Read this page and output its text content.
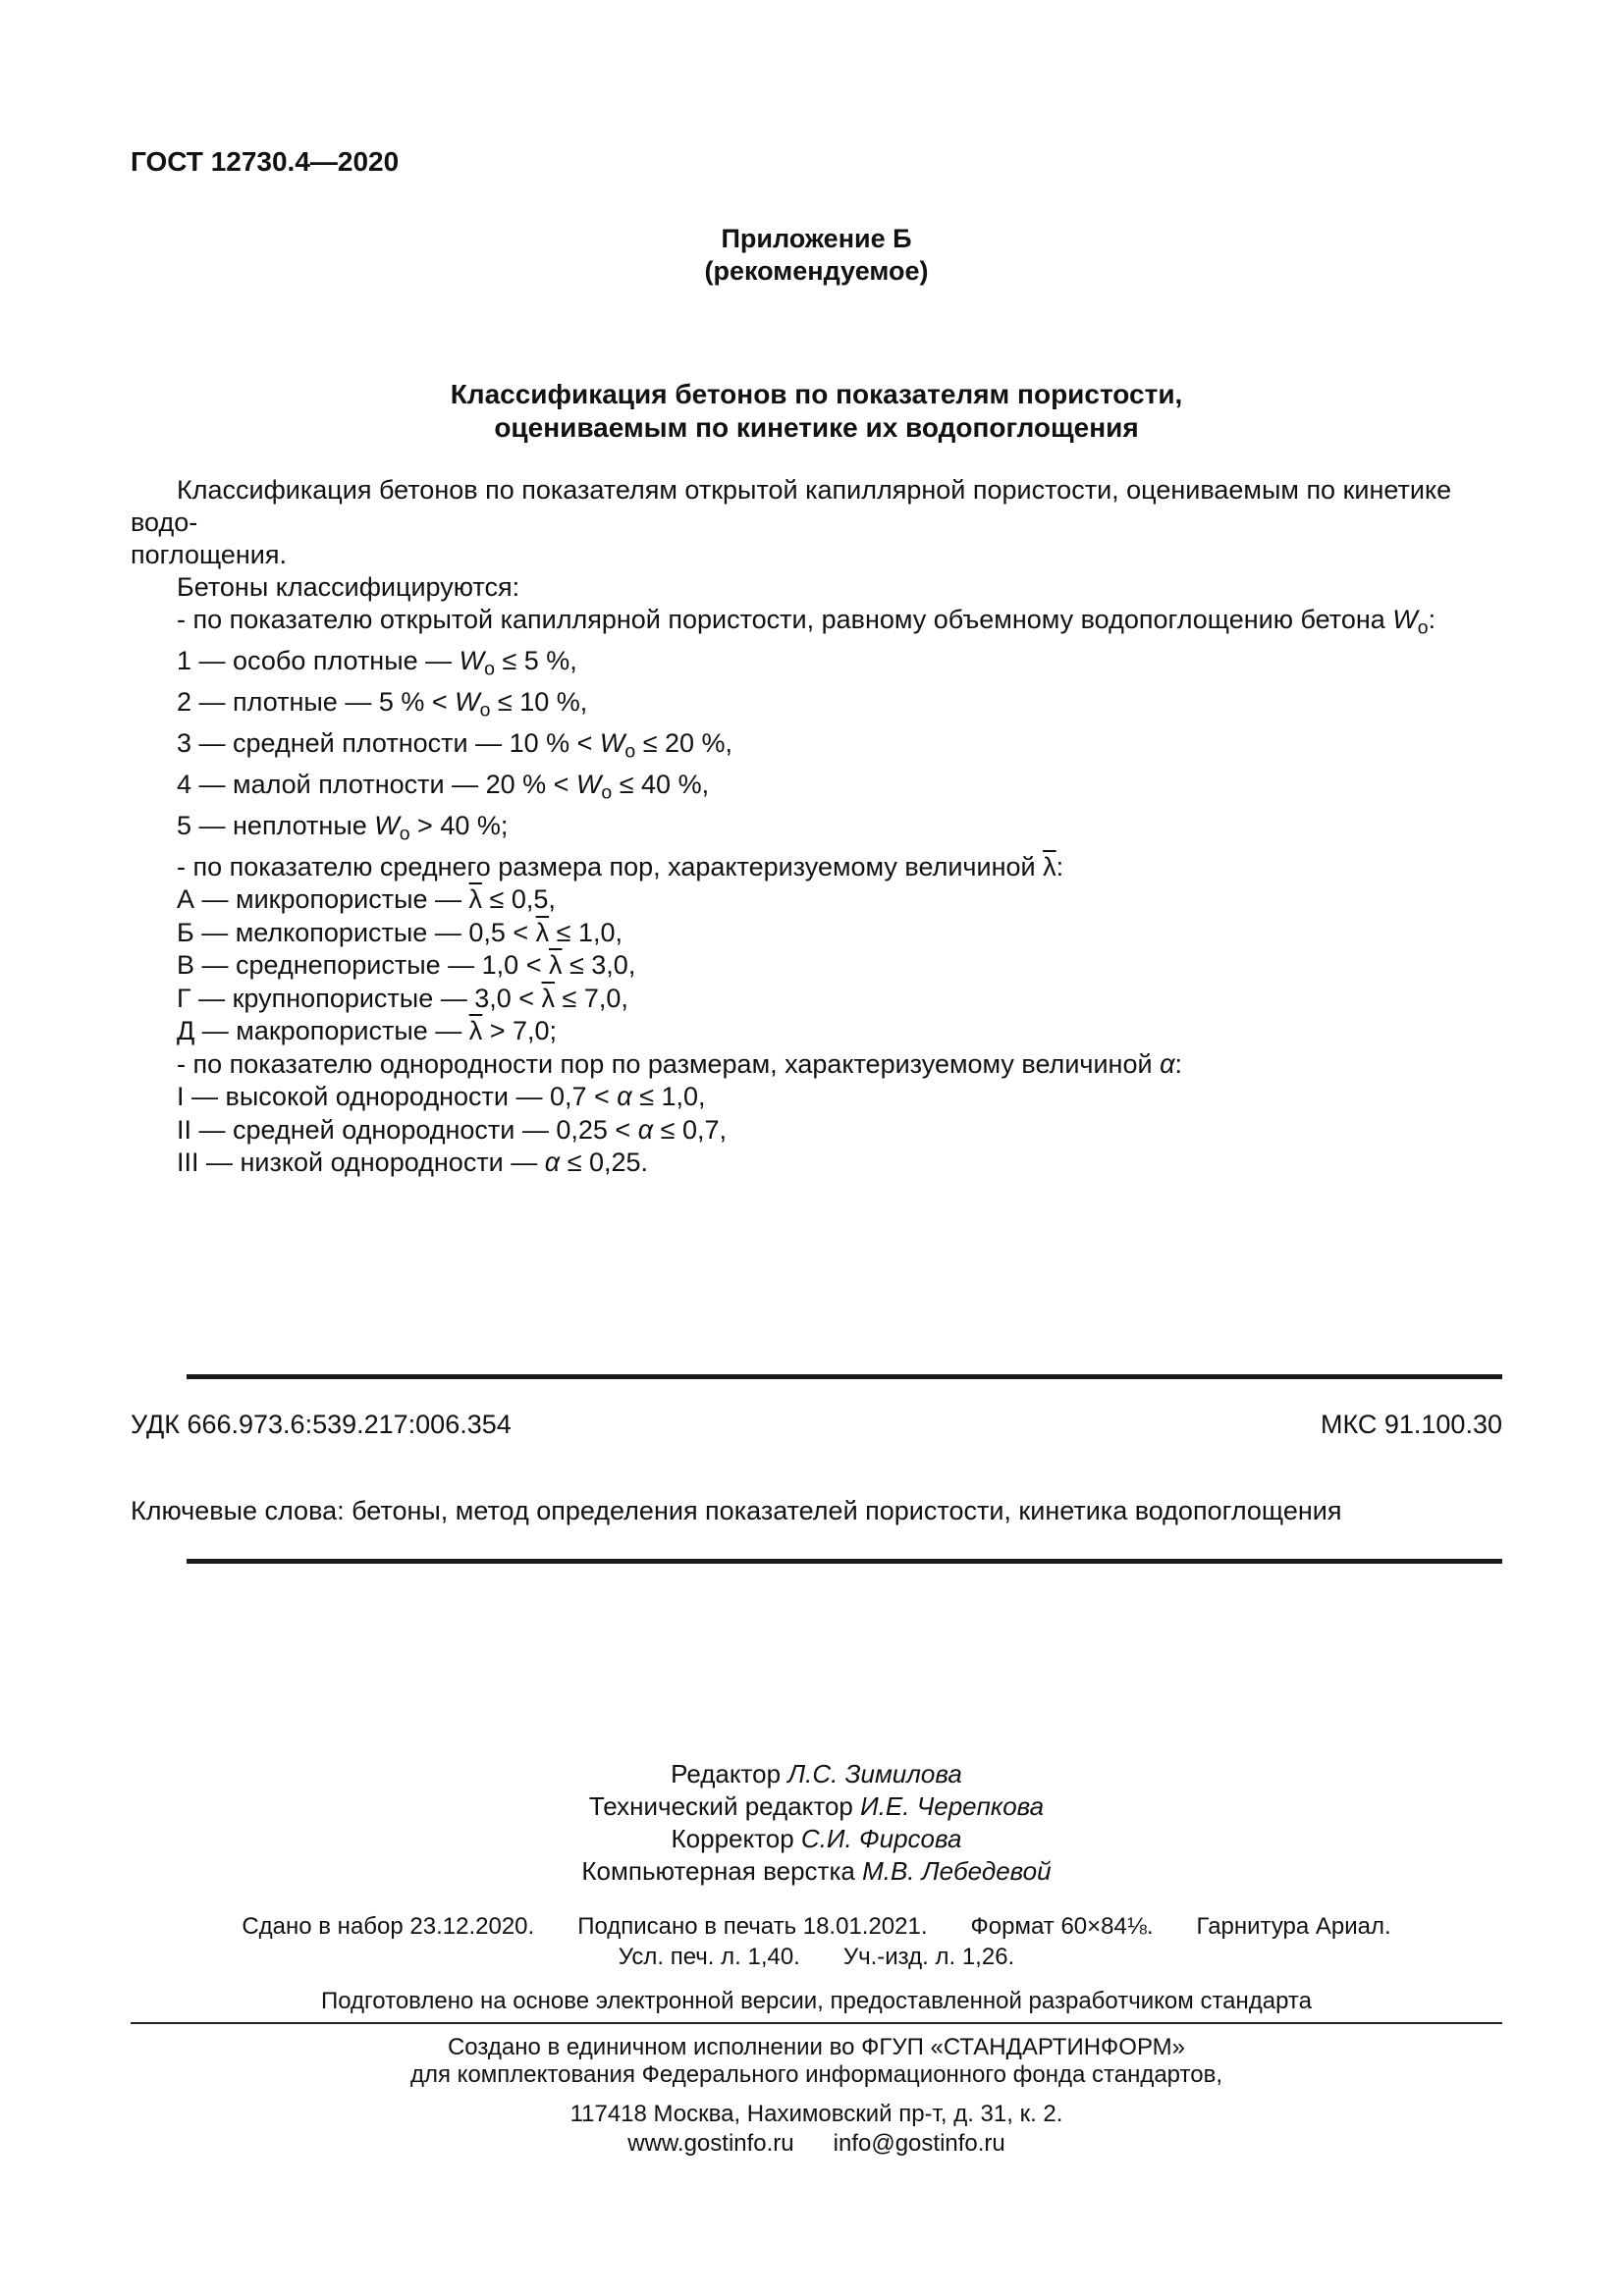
ГОСТ 12730.4—2020
Приложение Б
(рекомендуемое)
Классификация бетонов по показателям пористости,
оцениваемым по кинетике их водопоглощения
Классификация бетонов по показателям открытой капиллярной пористости, оцениваемым по кинетике водо-
поглощения.
Бетоны классифицируются:
- по показателю открытой капиллярной пористости, равному объемному водопоглощению бетона $W_о$:
1 — особо плотные — $W_о \le 5$ %,
2 — плотные — 5 % < $W_о \le 10$ %,
3 — средней плотности — 10 % < $W_о \le 20$ %,
4 — малой плотности — 20 % < $W_о \le 40$ %,
5 — неплотные $W_о > 40$ %;
- по показателю среднего размера пор, характеризуемому величиной $\overline{\lambda}$:
А — микропористые — $\overline{\lambda} \le 0,5$,
Б — мелкопористые — $0,5 < \overline{\lambda} \le 1,0$,
В — среднепористые — $1,0 < \overline{\lambda} \le 3,0$,
Г — крупнопористые — $3,0 < \overline{\lambda} \le 7,0$,
Д — макропористые — $\overline{\lambda} > 7,0$;
- по показателю однородности пор по размерам, характеризуемому величиной α:
I — высокой однородности — 0,7 < α ≤ 1,0,
II — средней однородности — 0,25 < α ≤ 0,7,
III — низкой однородности — α ≤ 0,25.
УДК 666.973.6:539.217:006.354	МКС 91.100.30
Ключевые слова: бетоны, метод определения показателей пористости, кинетика водопоглощения
Редактор Л.С. Зимилова
Технический редактор И.Е. Черепкова
Корректор С.И. Фирсова
Компьютерная верстка М.В. Лебедевой
Сдано в набор 23.12.2020. Подписано в печать 18.01.2021. Формат 60×84⅛. Гарнитура Ариал.
Усл. печ. л. 1,40. Уч.-изд. л. 1,26.
Подготовлено на основе электронной версии, предоставленной разработчиком стандарта
Создано в единичном исполнении во ФГУП «СТАНДАРТИНФОРМ»
для комплектования Федерального информационного фонда стандартов,
117418 Москва, Нахимовский пр-т, д. 31, к. 2.
www.gostinfo.ru info@gostinfo.ru
